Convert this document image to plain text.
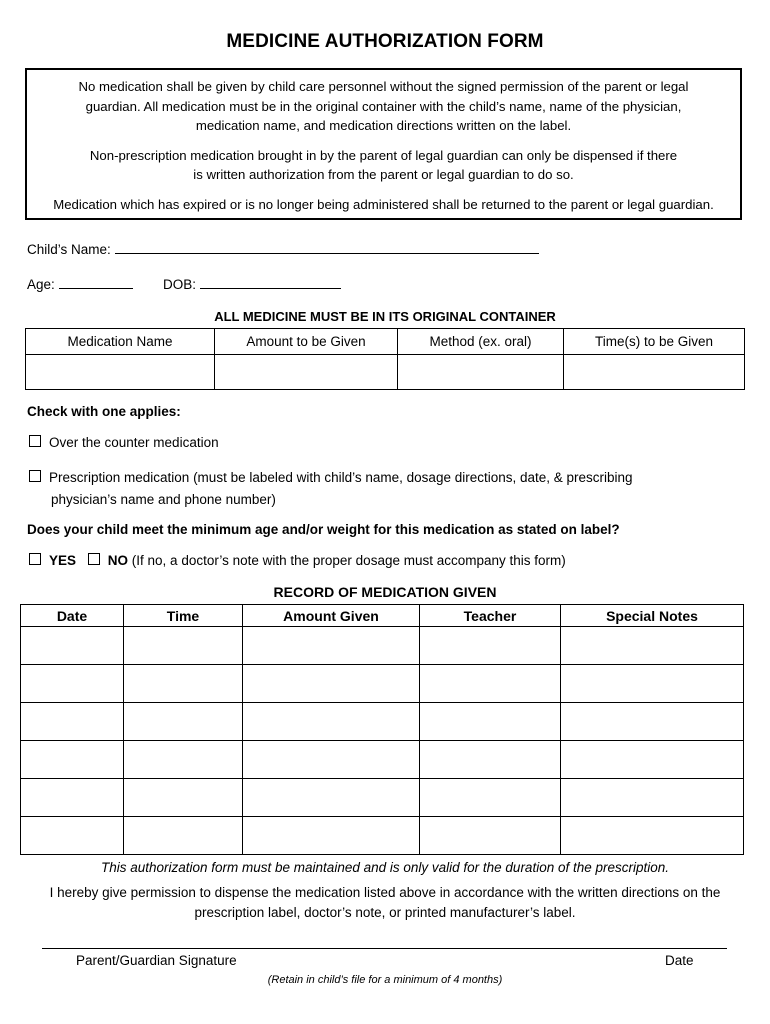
MEDICINE AUTHORIZATION FORM

No medication shall be given by child care personnel without the signed permission of the parent or legal guardian. All medication must be in the original container with the child’s name, name of the physician, medication name, and medication directions written on the label.

Non-prescription medication brought in by the parent of legal guardian can only be dispensed if there is written authorization from the parent or legal guardian to do so.

Medication which has expired or is no longer being administered shall be returned to the parent or legal guardian.

Child’s Name:
Age:	DOB:
ALL MEDICINE MUST BE IN ITS ORIGINAL CONTAINER
Medication Name	Amount to be Given	Method (ex. oral)	Time(s) to be Given

Check with one applies:
Over the counter medication
Prescription medication (must be labeled with child’s name, dosage directions, date, & prescribing
physician’s name and phone number)
Does your child meet the minimum age and/or weight for this medication as stated on label?
YES NO (If no, a doctor’s note with the proper dosage must accompany this form)
RECORD OF MEDICATION GIVEN
Date	Time	Amount Given	Teacher	Special Notes

This authorization form must be maintained and is only valid for the duration of the prescription.
I hereby give permission to dispense the medication listed above in accordance with the written directions on the
prescription label, doctor’s note, or printed manufacturer’s label.
Parent/Guardian Signature	Date
(Retain in child’s file for a minimum of 4 months)
